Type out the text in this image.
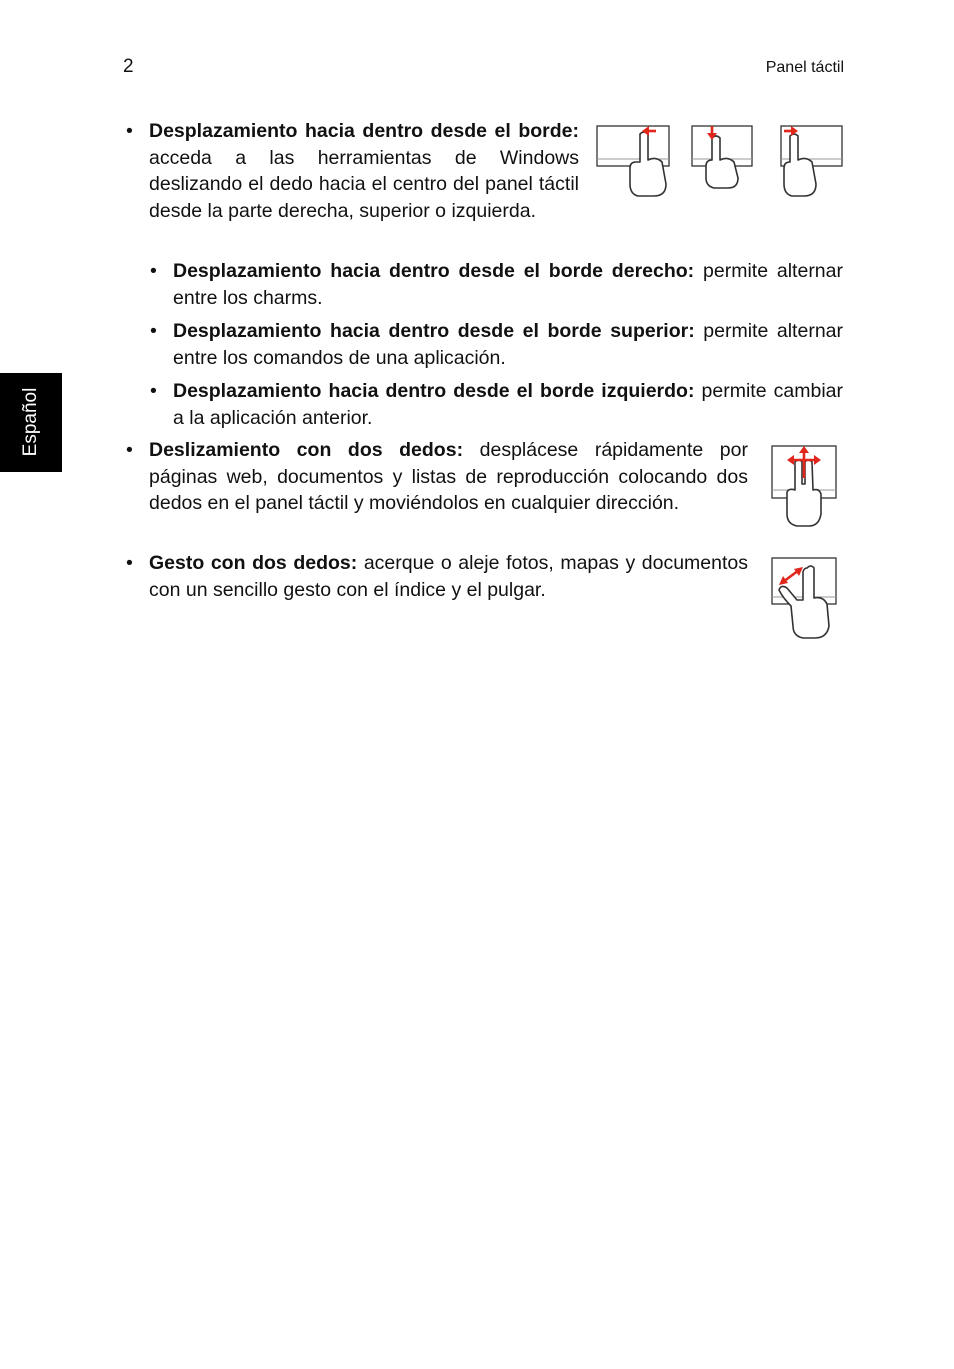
2	Panel táctil
Español
• Desplazamiento hacia dentro desde el borde: acceda a las herramientas de Windows deslizando el dedo hacia el centro del panel táctil desde la parte derecha, superior o izquierda.
• Desplazamiento hacia dentro desde el borde derecho: permite alternar entre los charms.
• Desplazamiento hacia dentro desde el borde superior: permite alternar entre los comandos de una aplicación.
• Desplazamiento hacia dentro desde el borde izquierdo: permite cambiar a la aplicación anterior.
• Deslizamiento con dos dedos: desplácese rápidamente por páginas web, documentos y listas de reproducción colocando dos dedos en el panel táctil y moviéndolos en cualquier dirección.
• Gesto con dos dedos: acerque o aleje fotos, mapas y documentos con un sencillo gesto con el índice y el pulgar.
